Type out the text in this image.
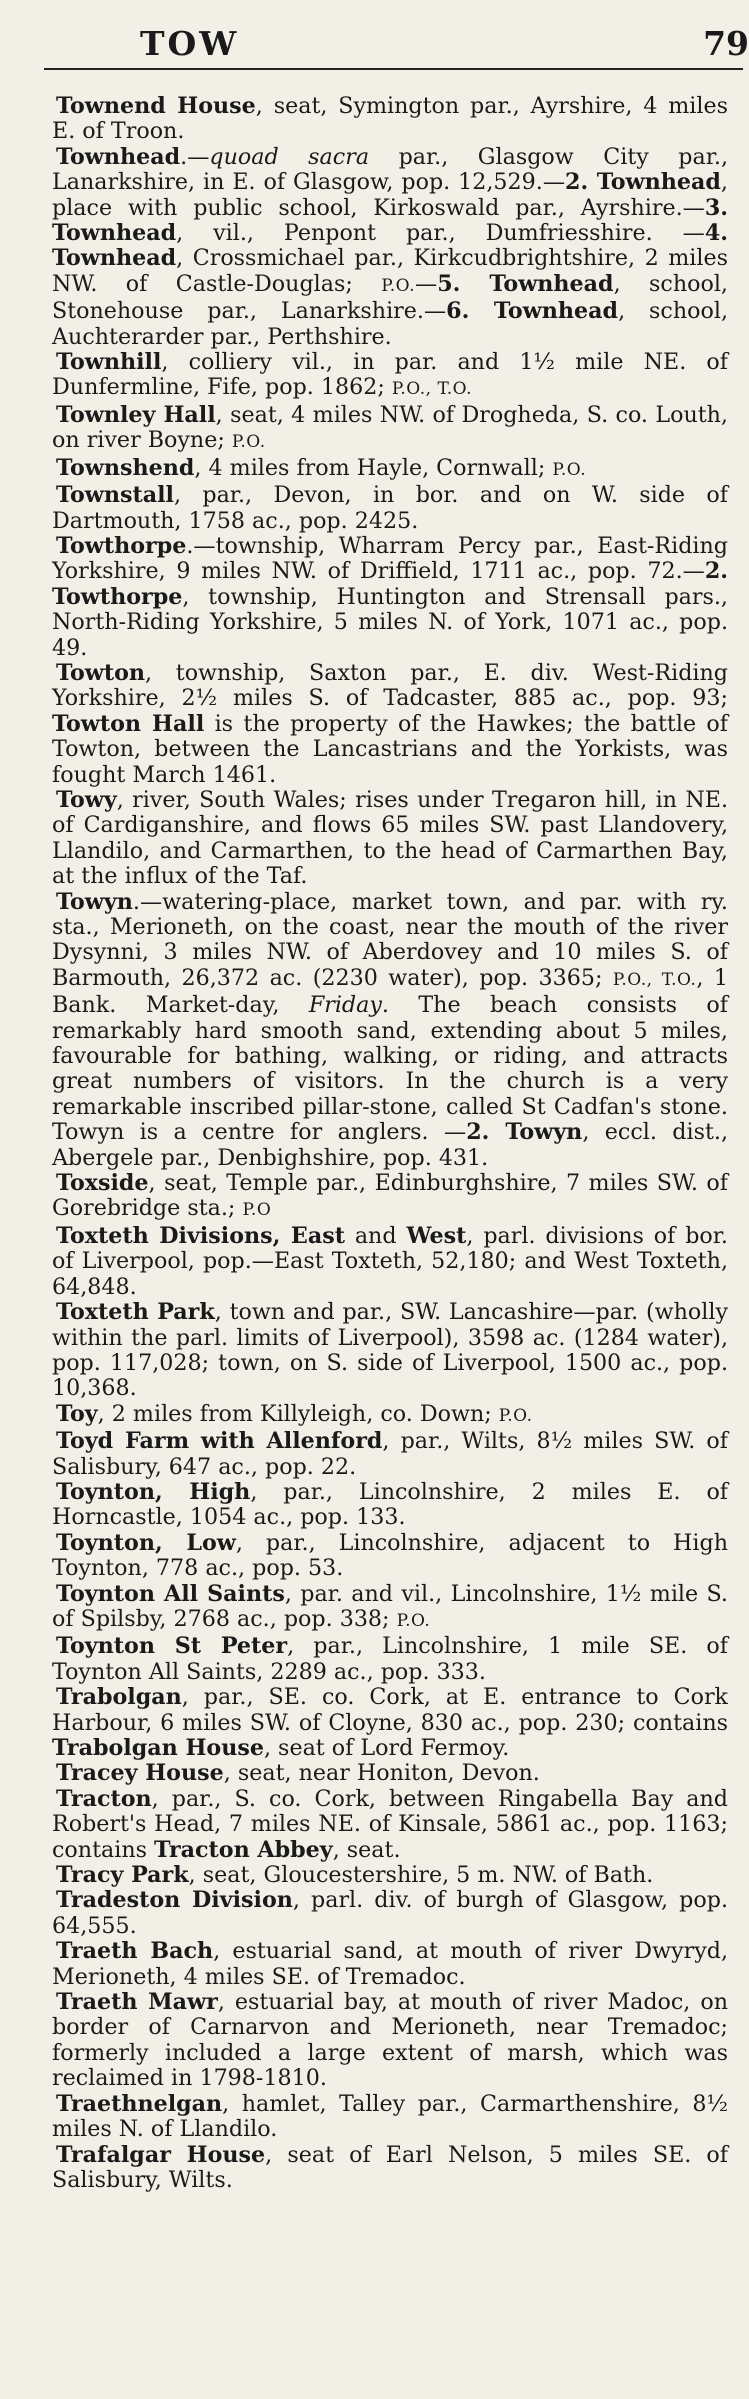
TOW	79

Townend House, seat, Symington par., Ayrshire, 4 miles E. of Troon.

Townhead.—quoad sacra par., Glasgow City par., Lanarkshire, in E. of Glasgow, pop. 12,529.—2. Townhead, place with public school, Kirkoswald par., Ayrshire.—3. Townhead, vil., Penpont par., Dumfriesshire. —4. Townhead, Crossmichael par., Kirkcudbrightshire, 2 miles NW. of Castle-Douglas; P.O.—5. Townhead, school, Stonehouse par., Lanarkshire.—6. Townhead, school, Auchterarder par., Perthshire.

Townhill, colliery vil., in par. and 1½ mile NE. of Dunfermline, Fife, pop. 1862; P.O., T.O.

Townley Hall, seat, 4 miles NW. of Drogheda, S. co. Louth, on river Boyne; P.O.

Townshend, 4 miles from Hayle, Cornwall; P.O.

Townstall, par., Devon, in bor. and on W. side of Dartmouth, 1758 ac., pop. 2425.

Towthorpe.—township, Wharram Percy par., East-Riding Yorkshire, 9 miles NW. of Driffield, 1711 ac., pop. 72.—2. Towthorpe, township, Huntington and Strensall pars., North-Riding Yorkshire, 5 miles N. of York, 1071 ac., pop. 49.

Towton, township, Saxton par., E. div. West-Riding Yorkshire, 2½ miles S. of Tadcaster, 885 ac., pop. 93; Towton Hall is the property of the Hawkes; the battle of Towton, between the Lancastrians and the Yorkists, was fought March 1461.

Towy, river, South Wales; rises under Tregaron hill, in NE. of Cardiganshire, and flows 65 miles SW. past Llandovery, Llandilo, and Carmarthen, to the head of Carmarthen Bay, at the influx of the Taf.

Towyn.—watering-place, market town, and par. with ry. sta., Merioneth, on the coast, near the mouth of the river Dysynni, 3 miles NW. of Aberdovey and 10 miles S. of Barmouth, 26,372 ac. (2230 water), pop. 3365; P.O., T.O., 1 Bank. Market-day, Friday. The beach consists of remarkably hard smooth sand, extending about 5 miles, favourable for bathing, walking, or riding, and attracts great numbers of visitors. In the church is a very remarkable inscribed pillar-stone, called St Cadfan's stone. Towyn is a centre for anglers. —2. Towyn, eccl. dist., Abergele par., Denbighshire, pop. 431.

Toxside, seat, Temple par., Edinburghshire, 7 miles SW. of Gorebridge sta.; P.O

Toxteth Divisions, East and West, parl. divisions of bor. of Liverpool, pop.—East Toxteth, 52,180; and West Toxteth, 64,848.

Toxteth Park, town and par., SW. Lancashire—par. (wholly within the parl. limits of Liverpool), 3598 ac. (1284 water), pop. 117,028; town, on S. side of Liverpool, 1500 ac., pop. 10,368.

Toy, 2 miles from Killyleigh, co. Down; P.O.

Toyd Farm with Allenford, par., Wilts, 8½ miles SW. of Salisbury, 647 ac., pop. 22.

Toynton, High, par., Lincolnshire, 2 miles E. of Horncastle, 1054 ac., pop. 133.

Toynton, Low, par., Lincolnshire, adjacent to High Toynton, 778 ac., pop. 53.

Toynton All Saints, par. and vil., Lincolnshire, 1½ mile S. of Spilsby, 2768 ac., pop. 338; P.O.

Toynton St Peter, par., Lincolnshire, 1 mile SE. of Toynton All Saints, 2289 ac., pop. 333.

Trabolgan, par., SE. co. Cork, at E. entrance to Cork Harbour, 6 miles SW. of Cloyne, 830 ac., pop. 230; contains Trabolgan House, seat of Lord Fermoy.

Tracey House, seat, near Honiton, Devon.

Tracton, par., S. co. Cork, between Ringabella Bay and Robert's Head, 7 miles NE. of Kinsale, 5861 ac., pop. 1163; contains Tracton Abbey, seat.

Tracy Park, seat, Gloucestershire, 5 m. NW. of Bath.

Tradeston Division, parl. div. of burgh of Glasgow, pop. 64,555.

Traeth Bach, estuarial sand, at mouth of river Dwyryd, Merioneth, 4 miles SE. of Tremadoc.

Traeth Mawr, estuarial bay, at mouth of river Madoc, on border of Carnarvon and Merioneth, near Tremadoc; formerly included a large extent of marsh, which was reclaimed in 1798-1810.

Traethnelgan, hamlet, Talley par., Carmarthenshire, 8½ miles N. of Llandilo.

Trafalgar House, seat of Earl Nelson, 5 miles SE. of Salisbury, Wilts.
